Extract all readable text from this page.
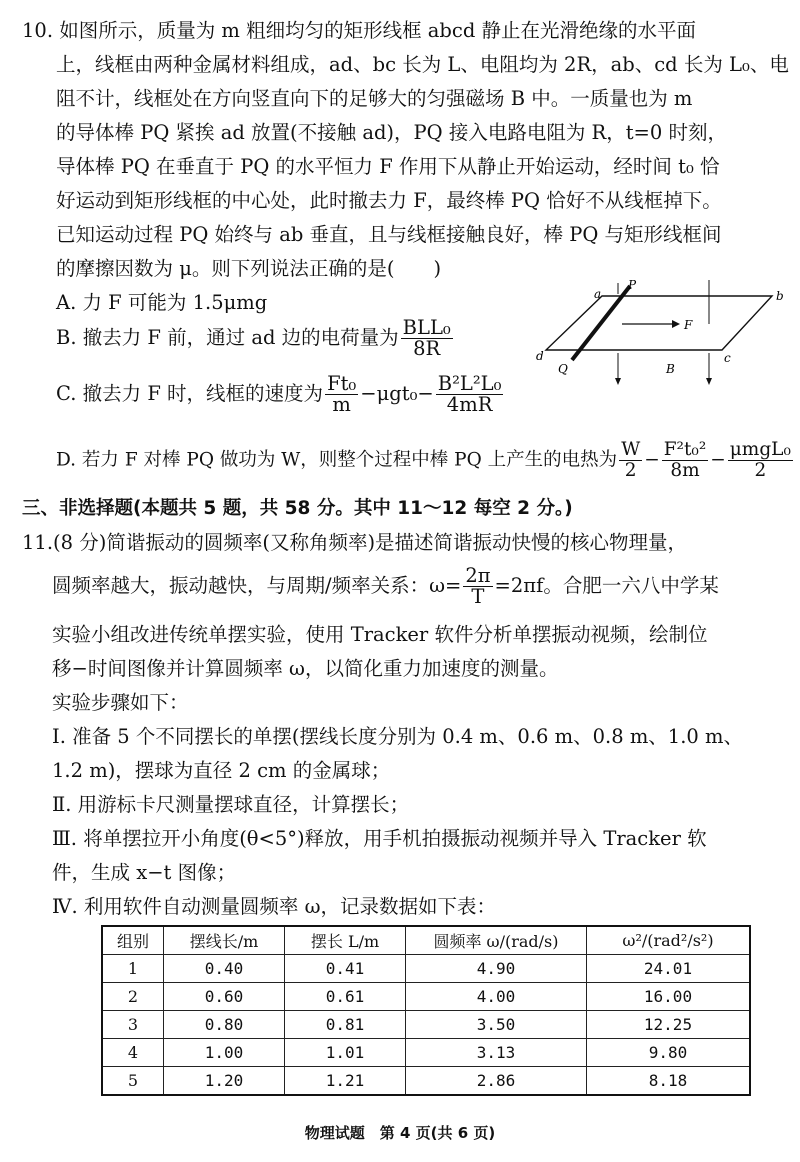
10. 如图所示，质量为 m 粗细均匀的矩形线框 abcd 静止在光滑绝缘的水平面
上，线框由两种金属材料组成，ad、bc 长为 L、电阻均为 2R，ab、cd 长为 L₀、电
阻不计，线框处在方向竖直向下的足够大的匀强磁场 B 中。一质量也为 m
的导体棒 PQ 紧挨 ad 放置(不接触 ad)，PQ 接入电路电阻为 R，t=0 时刻，
导体棒 PQ 在垂直于 PQ 的水平恒力 F 作用下从静止开始运动，经时间 t₀ 恰
好运动到矩形线框的中心处，此时撤去力 F，最终棒 PQ 恰好不从线框掉下。
已知运动过程 PQ 始终与 ab 垂直，且与线框接触良好，棒 PQ 与矩形线框间
的摩擦因数为 μ。则下列说法正确的是(　　)
A. 力 F 可能为 1.5μmg
B. 撤去力 F 前，通过 ad 边的电荷量为 $\frac{\text{BLL₀}}{8R}$
C. 撤去力 F 时，线框的速度为 $\frac{\text{Ft₀}}{m} -\mu gt_0- \frac{\text{B²L²L₀}}{4mR}$
D. 若力 F 对棒 PQ 做功为 W，则整个过程中棒 PQ 上产生的电热为 $\frac{W}{2} - \frac{\text{F²t₀²}}{8m} - \frac{\text{μmgL₀}}{2}$
a	b
c
d
P
Q
F
B
三、非选择题(本题共 5 题，共 58 分。其中 11～12 每空 2 分。)
11.(8 分)简谐振动的圆频率(又称角频率)是描述简谐振动快慢的核心物理量，
圆频率越大，振动越快，与周期/频率关系：$\omega= \frac{2\pi}{T} =2\pi f$。合肥一六八中学某
实验小组改进传统单摆实验，使用 Tracker 软件分析单摆振动视频，绘制位
移−时间图像并计算圆频率 ω，以简化重力加速度的测量。
实验步骤如下：
Ⅰ. 准备 5 个不同摆长的单摆(摆线长度分别为 0.4 m、0.6 m、0.8 m、1.0 m、
1.2 m)，摆球为直径 2 cm 的金属球；
Ⅱ. 用游标卡尺测量摆球直径，计算摆长；
Ⅲ. 将单摆拉开小角度(θ<5°)释放，用手机拍摄振动视频并导入 Tracker 软
件，生成 x−t 图像；
Ⅳ. 利用软件自动测量圆频率 ω，记录数据如下表：
组别	摆线长/m	摆长 L/m	圆频率 ω/(rad/s)	ω²/(rad²/s²)
1	0.40	0.41	4.90	24.01
2	0.60	0.61	4.00	16.00
3	0.80	0.81	3.50	12.25
4	1.00	1.01	3.13	9.80
5	1.20	1.21	2.86	8.18
物理试题　第 4 页(共 6 页)
